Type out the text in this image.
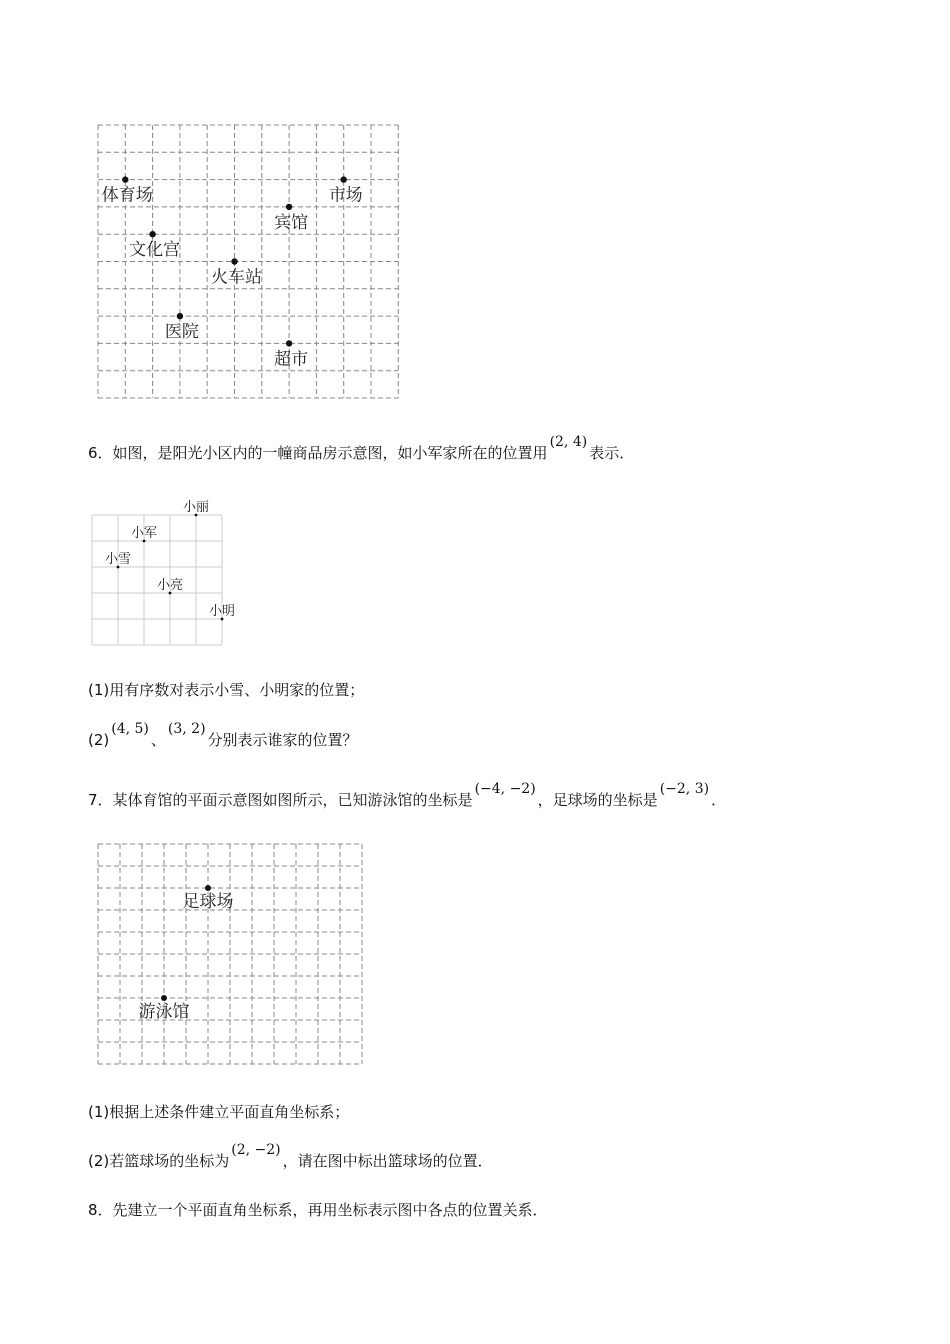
体育场	市场
宾馆
文化宫
火车站
医院
超市
6．如图，是阳光小区内的一幢商品房示意图，如小军家所在的位置用(2, 4)表示．
小丽
小军
小雪
小亮
小明
(1)用有序数对表示小雪、小明家的位置；
(2)(4, 5)、(3, 2)分别表示谁家的位置？
7．某体育馆的平面示意图如图所示，已知游泳馆的坐标是(−4, −2)，足球场的坐标是(−2, 3)．
足球场
游泳馆
(1)根据上述条件建立平面直角坐标系；
(2)若篮球场的坐标为(2, −2)，请在图中标出篮球场的位置．
8．先建立一个平面直角坐标系，再用坐标表示图中各点的位置关系．
